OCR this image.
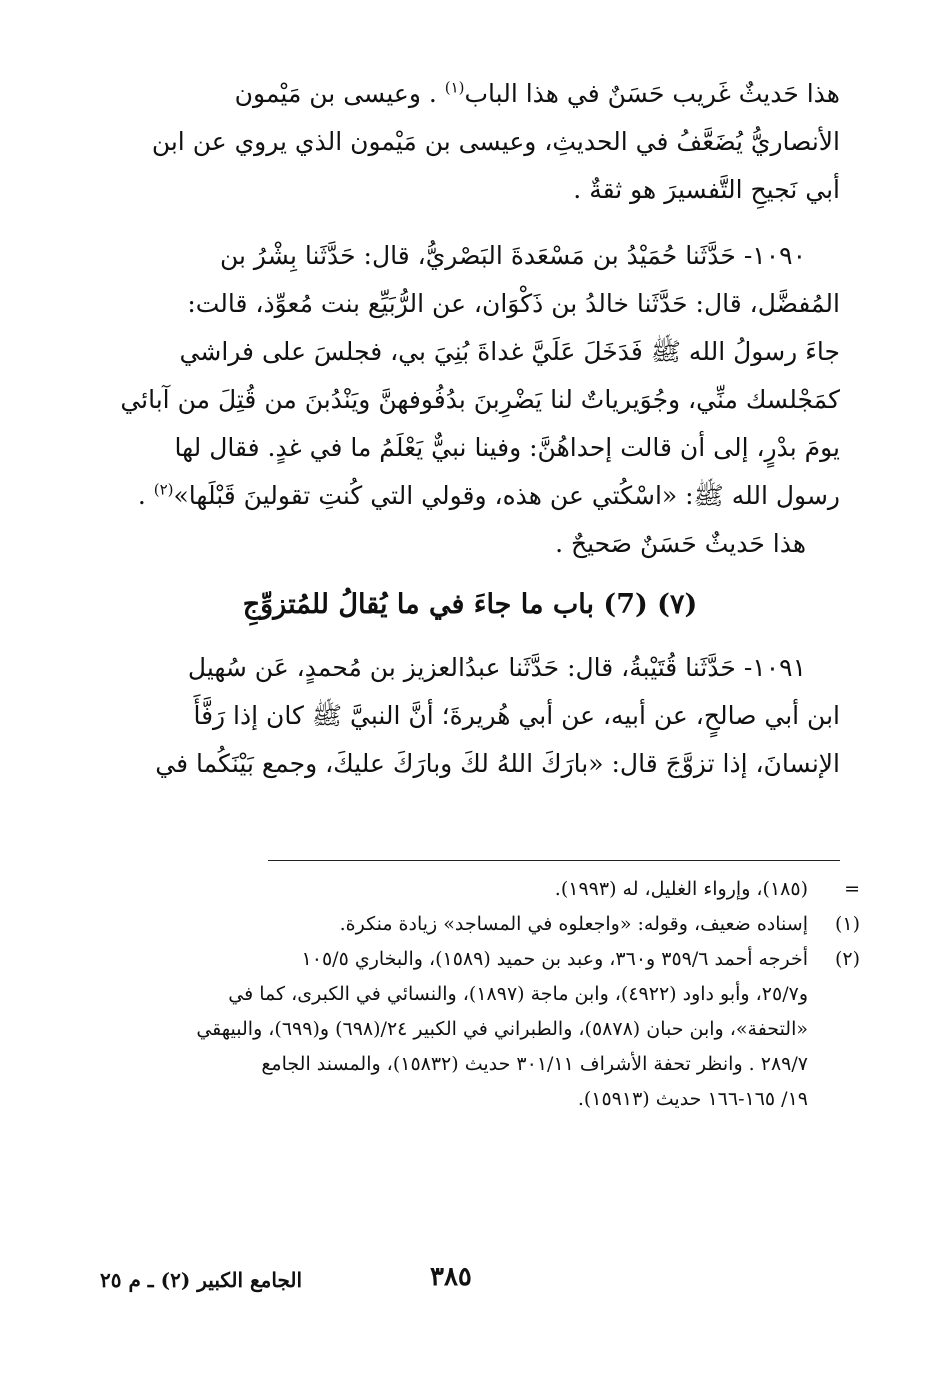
هذا حَديثٌ غَريب حَسَنٌ في هذا الباب$^{(١)}$ . وعيسى بن مَيْمون
الأنصاريُّ يُضَعَّفُ في الحديثِ، وعيسى بن مَيْمون الذي يروي عن ابن
أبي نَجيحِ التَّفسيرَ هو ثقةٌ .
١٠٩٠- حَدَّثَنا حُمَيْدُ بن مَسْعَدةَ البَصْريُّ، قال: حَدَّثَنا بِشْرُ بن
المُفضَّل، قال: حَدَّثَنا خالدُ بن ذَكْوَان، عن الرُّبَيِّع بنت مُعوِّذ، قالت:
جاءَ رسولُ الله ﷺ فَدَخَلَ عَلَيَّ غداةَ بُنِيَ بي، فجلسَ على فراشي
كمَجْلسك منِّي، وجُوَيرياتٌ لنا يَضْرِبنَ بدُفُوفهنَّ ويَنْدُبنَ من قُتِلَ من آبائي
يومَ بدْرٍ، إلى أن قالت إحداهُنَّ: وفينا نبيٌّ يَعْلَمُ ما في غدٍ. فقال لها
رسول الله ﷺ: «اسْكُتي عن هذه، وقولي التي كُنتِ تقولينَ قَبْلَها»$^{(٢)}$ .
هذا حَديثٌ حَسَنٌ صَحيحٌ .
(٧) (7) باب ما جاءَ في ما يُقالُ للمُتزوِّجِ
١٠٩١- حَدَّثَنا قُتَيْبةُ، قال: حَدَّثَنا عبدُالعزيز بن مُحمدٍ، عَن سُهيل
ابن أبي صالحٍ، عن أبيه، عن أبي هُريرةَ؛ أنَّ النبيَّ ﷺ كان إذا رَفَّأَ
الإنسانَ، إذا تزوَّجَ قال: «بارَكَ اللهُ لكَ وبارَكَ عليكَ، وجمع بَيْنَكُما في
=
(١٨٥)، وإرواء الغليل، له (١٩٩٣).
(١)
إسناده ضعيف، وقوله: «واجعلوه في المساجد» زيادة منكرة.
(٢)
أخرجه أحمد ٣٥٩/٦ و٣٦٠، وعبد بن حميد (١٥٨٩)، والبخاري ١٠٥/٥
و٢٥/٧، وأبو داود (٤٩٢٢)، وابن ماجة (١٨٩٧)، والنسائي في الكبرى، كما في
«التحفة»، وابن حبان (٥٨٧٨)، والطبراني في الكبير ٢٤/(٦٩٨) و(٦٩٩)، والبيهقي
٢٨٩/٧ . وانظر تحفة الأشراف ٣٠١/١١ حديث (١٥٨٣٢)، والمسند الجامع
١٩/ ١٦٥-١٦٦ حديث (١٥٩١٣).
٣٨٥
الجامع الكبير (٢) ـ م ٢٥
